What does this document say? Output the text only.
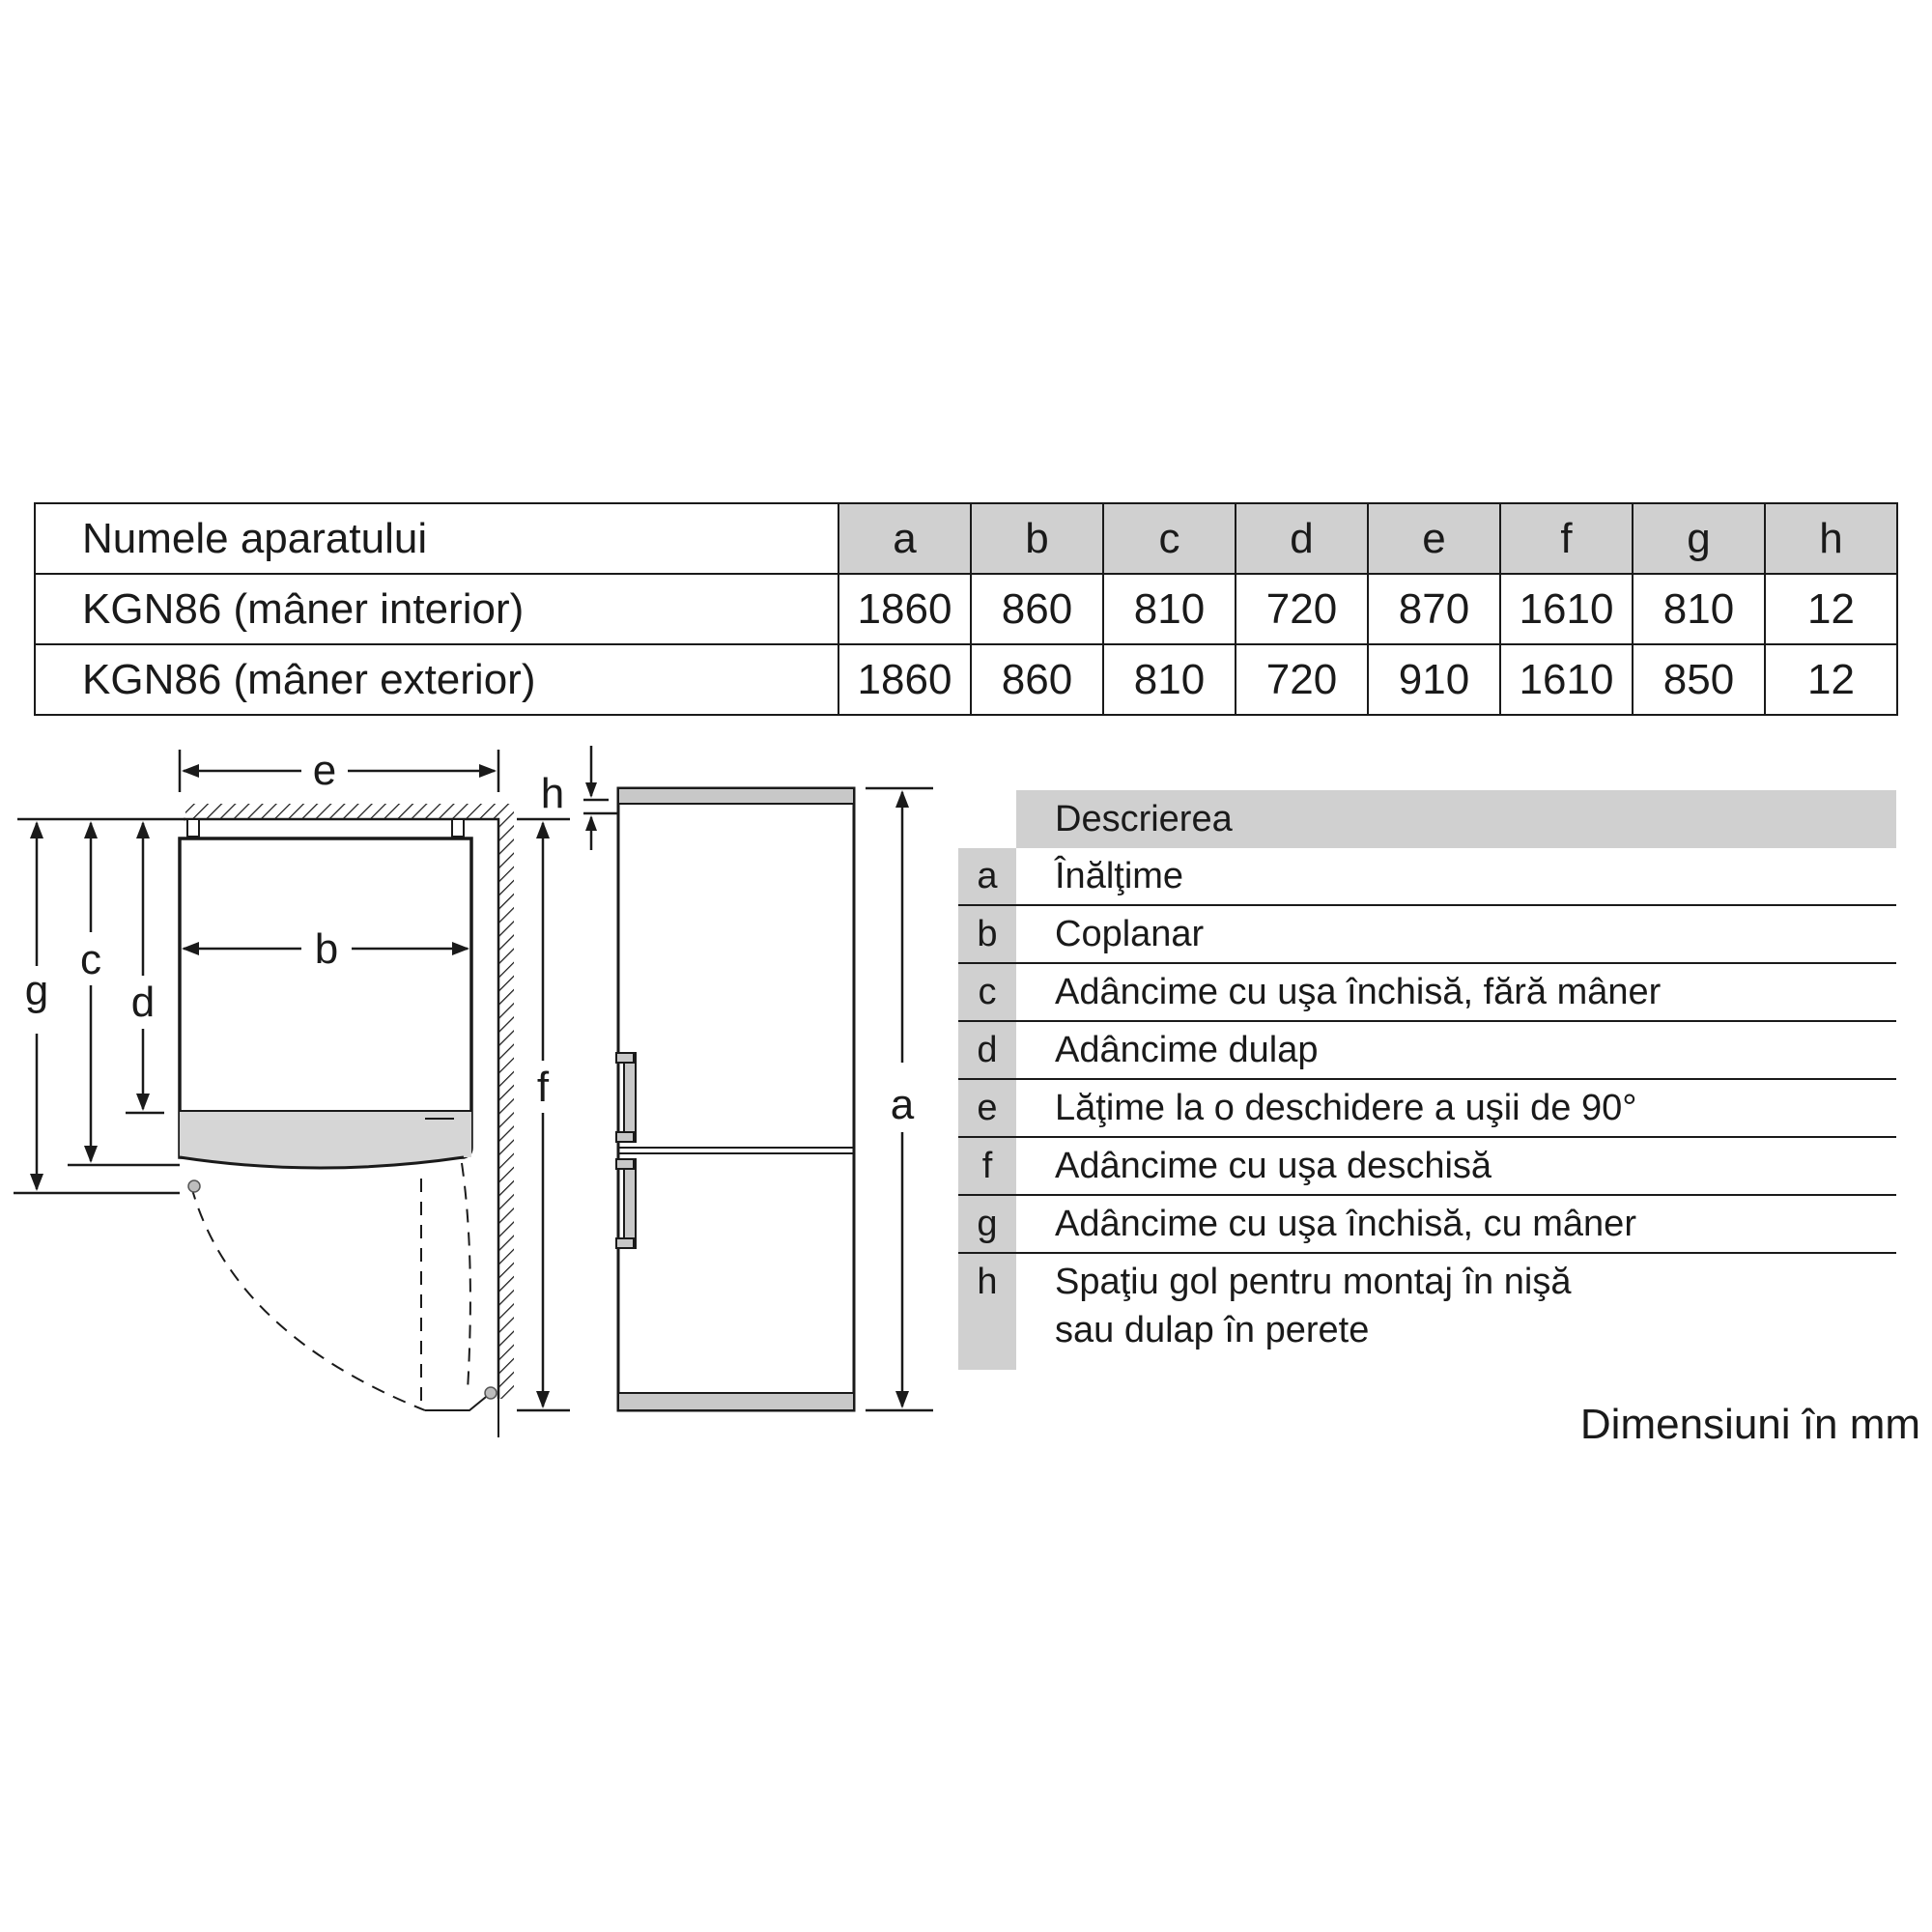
Numele aparatului	a	b	c	d	e	f	g	h
KGN86 (mâner interior)	1860	860	810	720	870	1610	810	12
KGN86 (mâner exterior)	1860	860	810	720	910	1610	850	12
e
b
g
c
d
f
h
a
Descrierea
a	Înălţime
b	Coplanar
c	Adâncime cu uşa închisă, fără mâner
d	Adâncime dulap
e	Lăţime la o deschidere a uşii de 90°
f	Adâncime cu uşa deschisă
g	Adâncime cu uşa închisă, cu mâner
h	Spaţiu gol pentru montaj în nişă
sau dulap în perete
Dimensiuni în mm
